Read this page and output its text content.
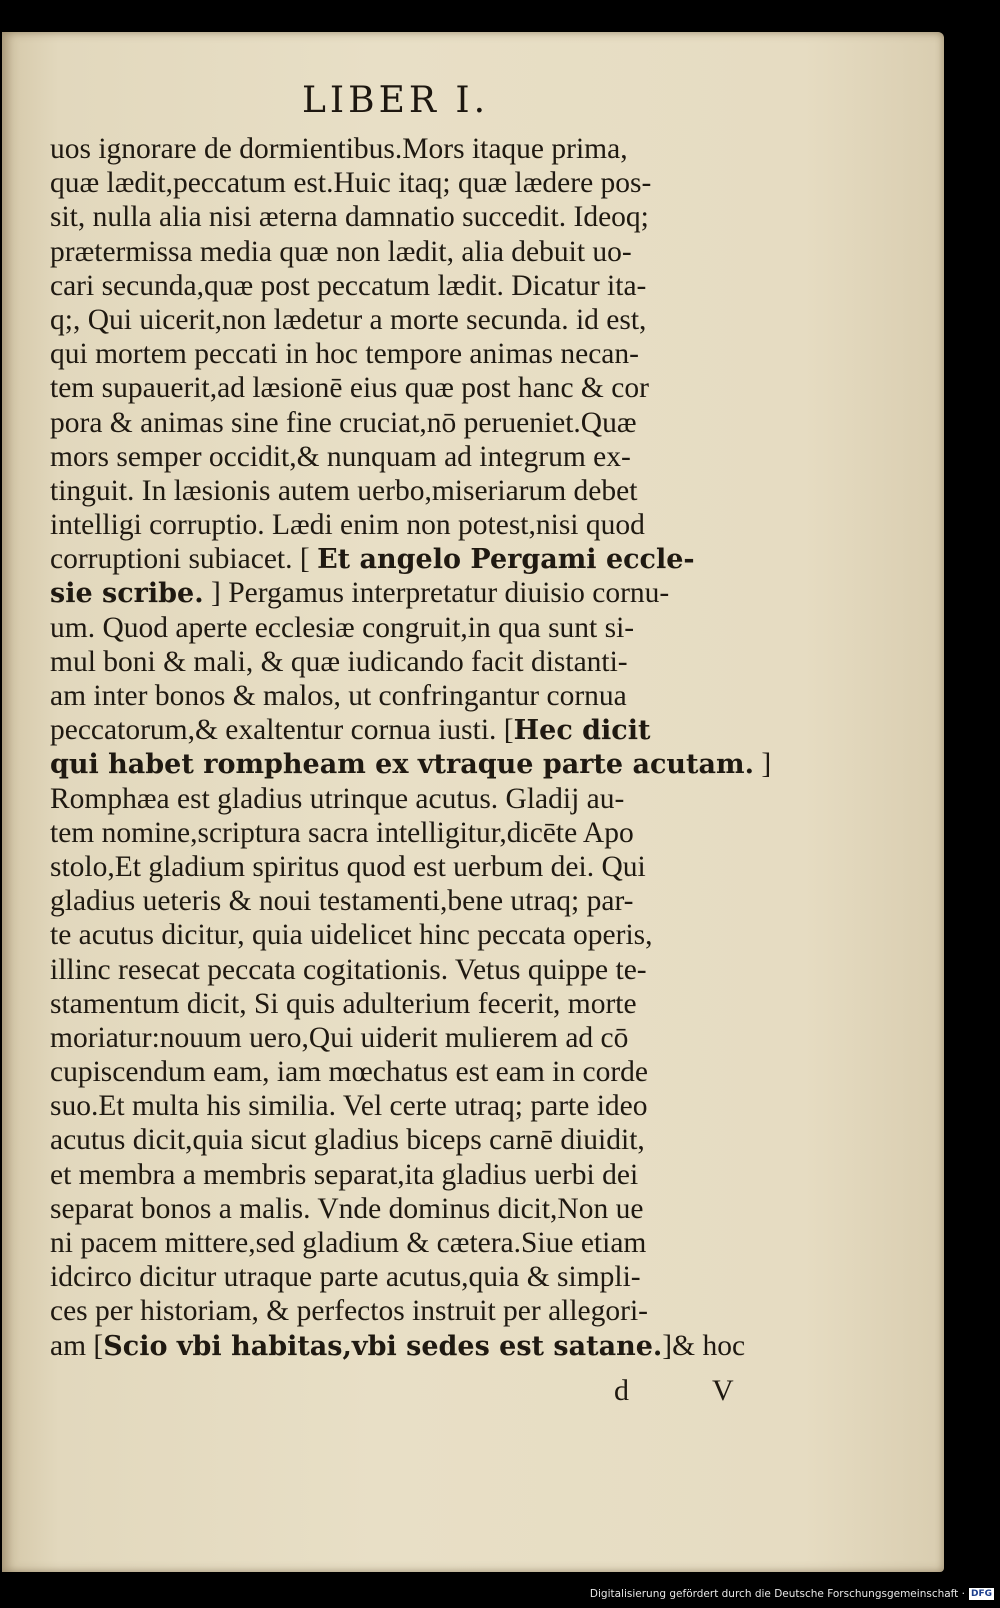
LIBER I.
uos ignorare de dormientibus.Mors itaque prima,
quæ lædit,peccatum est.Huic itaq; quæ lædere pos-
sit, nulla alia nisi æterna damnatio succedit. Ideoq;
prætermissa media quæ non lædit, alia debuit uo-
cari secunda,quæ post peccatum lædit. Dicatur ita-
q;, Qui uicerit,non lædetur a morte secunda. id est,
qui mortem peccati in hoc tempore animas necan-
tem supauerit,ad læsionē eius quæ post hanc & cor
pora & animas sine fine cruciat,nō perueniet.Quæ
mors semper occidit,& nunquam ad integrum ex-
tinguit. In læsionis autem uerbo,miseriarum debet
intelligi corruptio. Lædi enim non potest,nisi quod
corruptioni subiacet. [ Et angelo Pergami eccle-
sie scribe. ] Pergamus interpretatur diuisio cornu-
um. Quod aperte ecclesiæ congruit,in qua sunt si-
mul boni & mali, & quæ iudicando facit distanti-
am inter bonos & malos, ut confringantur cornua
peccatorum,& exaltentur cornua iusti. [Hec dicit
qui habet rompheam ex vtraque parte acutam. ]
Romphæa est gladius utrinque acutus. Gladij au-
tem nomine,scriptura sacra intelligitur,dicēte Apo
stolo,Et gladium spiritus quod est uerbum dei. Qui
gladius ueteris & noui testamenti,bene utraq; par-
te acutus dicitur, quia uidelicet hinc peccata operis,
illinc resecat peccata cogitationis. Vetus quippe te-
stamentum dicit, Si quis adulterium fecerit, morte
moriatur:nouum uero,Qui uiderit mulierem ad cō
cupiscendum eam, iam mœchatus est eam in corde
suo.Et multa his similia. Vel certe utraq; parte ideo
acutus dicit,quia sicut gladius biceps carnē diuidit,
et membra a membris separat,ita gladius uerbi dei
separat bonos a malis. Vnde dominus dicit,Non ue
ni pacem mittere,sed gladium & cætera.Siue etiam
idcirco dicitur utraque parte acutus,quia & simpli-
ces per historiam, & perfectos instruit per allegori-
am [Scio vbi habitas,vbi sedes est satane.]& hoc
d V
Digitalisierung gefördert durch die Deutsche Forschungsgemeinschaft · DFG
